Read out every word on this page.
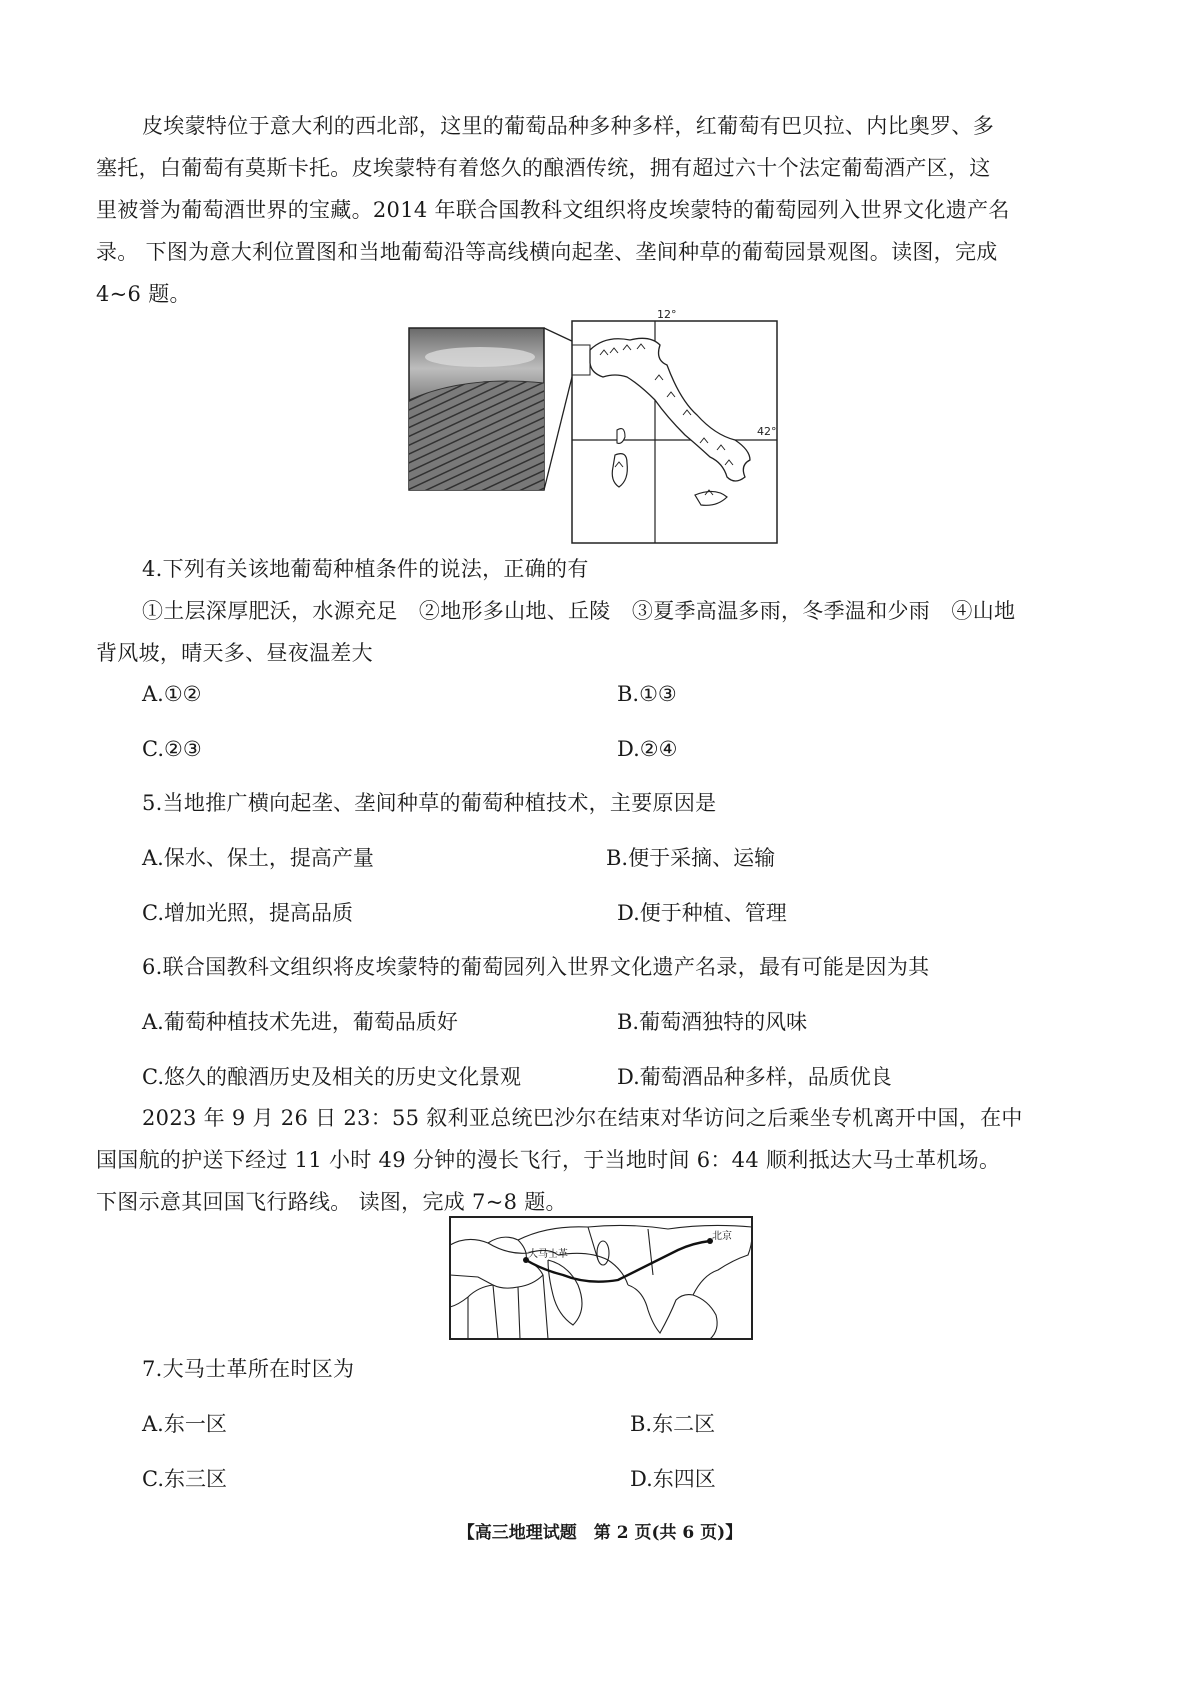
皮埃蒙特位于意大利的西北部，这里的葡萄品种多种多样，红葡萄有巴贝拉、内比奥罗、多
塞托，白葡萄有莫斯卡托。皮埃蒙特有着悠久的酿酒传统，拥有超过六十个法定葡萄酒产区，这
里被誉为葡萄酒世界的宝藏。2014 年联合国教科文组织将皮埃蒙特的葡萄园列入世界文化遗产名
录。 下图为意大利位置图和当地葡萄沿等高线横向起垄、垄间种草的葡萄园景观图。读图，完成
4~6 题。
12°
42°
4.下列有关该地葡萄种植条件的说法，正确的有
①土层深厚肥沃，水源充足　②地形多山地、丘陵　③夏季高温多雨，冬季温和少雨　④山地
背风坡，晴天多、昼夜温差大
A.①②	B.①③
C.②③	D.②④
5.当地推广横向起垄、垄间种草的葡萄种植技术，主要原因是
A.保水、保土，提高产量	B.便于采摘、运输
C.增加光照，提高品质	D.便于种植、管理
6.联合国教科文组织将皮埃蒙特的葡萄园列入世界文化遗产名录，最有可能是因为其
A.葡萄种植技术先进，葡萄品质好	B.葡萄酒独特的风味
C.悠久的酿酒历史及相关的历史文化景观	D.葡萄酒品种多样，品质优良
2023 年 9 月 26 日 23：55 叙利亚总统巴沙尔在结束对华访问之后乘坐专机离开中国，在中
国国航的护送下经过 11 小时 49 分钟的漫长飞行，于当地时间 6：44 顺利抵达大马士革机场。
下图示意其回国飞行路线。 读图，完成 7~8 题。
大马士革
北京
7.大马士革所在时区为
A.东一区	B.东二区
C.东三区	D.东四区
【高三地理试题　第 2 页(共 6 页)】
